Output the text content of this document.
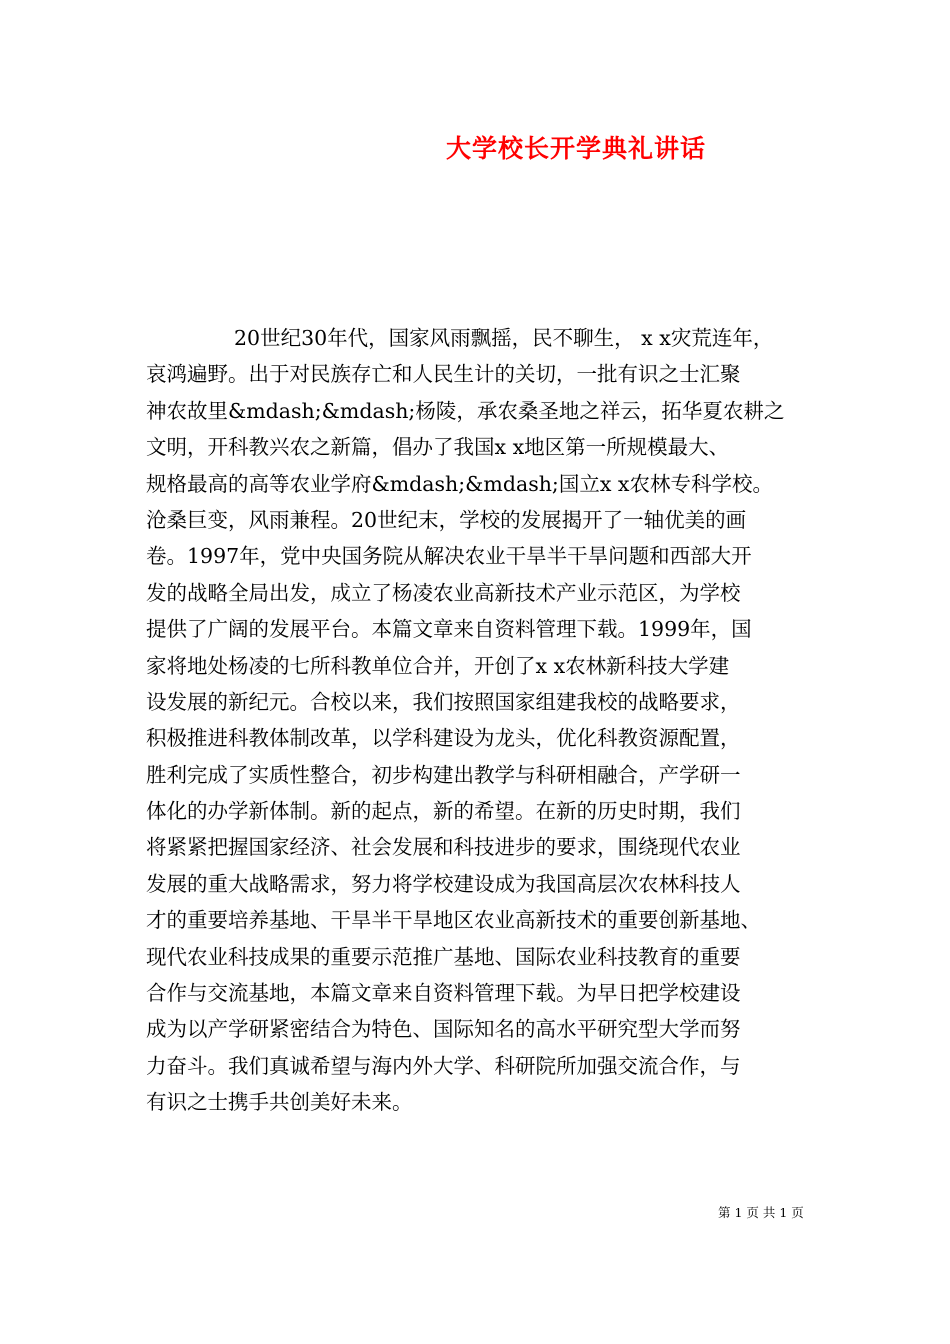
大学校长开学典礼讲话
20世纪30年代，国家风雨飘摇，民不聊生， x x灾荒连年，
哀鸿遍野。出于对民族存亡和人民生计的关切，一批有识之士汇聚
神农故里&mdash;&mdash;杨陵，承农桑圣地之祥云，拓华夏农耕之
文明，开科教兴农之新篇，倡办了我国x x地区第一所规模最大、
规格最高的高等农业学府&mdash;&mdash;国立x x农林专科学校。
沧桑巨变，风雨兼程。20世纪末，学校的发展揭开了一轴优美的画
卷。1997年，党中央国务院从解决农业干旱半干旱问题和西部大开
发的战略全局出发，成立了杨凌农业高新技术产业示范区，为学校
提供了广阔的发展平台。本篇文章来自资料管理下载。1999年，国
家将地处杨凌的七所科教单位合并，开创了x x农林新科技大学建
设发展的新纪元。合校以来，我们按照国家组建我校的战略要求，
积极推进科教体制改革，以学科建设为龙头，优化科教资源配置，
胜利完成了实质性整合，初步构建出教学与科研相融合，产学研一
体化的办学新体制。新的起点，新的希望。在新的历史时期，我们
将紧紧把握国家经济、社会发展和科技进步的要求，围绕现代农业
发展的重大战略需求，努力将学校建设成为我国高层次农林科技人
才的重要培养基地、干旱半干旱地区农业高新技术的重要创新基地、
现代农业科技成果的重要示范推广基地、国际农业科技教育的重要
合作与交流基地，本篇文章来自资料管理下载。为早日把学校建设
成为以产学研紧密结合为特色、国际知名的高水平研究型大学而努
力奋斗。我们真诚希望与海内外大学、科研院所加强交流合作，与
有识之士携手共创美好未来。
第 1 页 共 1 页
